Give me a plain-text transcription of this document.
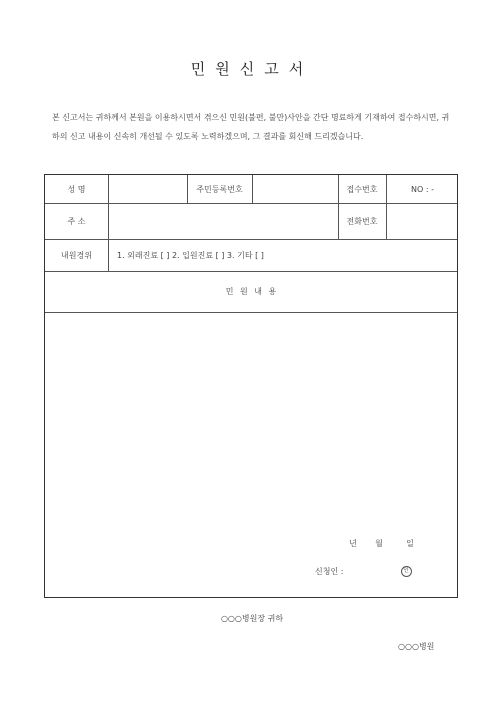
민원신고서
본 신고서는 귀하께서 본원을 이용하시면서 겪으신 민원(불편, 불만)사안을 간단 명료하게 기재하여 접수하시면, 귀하의 신고 내용이 신속히 개선될 수 있도록 노력하겠으며, 그 결과를 회신해 드리겠습니다.
성 명	주민등록번호	접수번호	NO : -
주 소	전화번호
내원경위	1. 외래진료 [ ] 2. 입원진료 [ ] 3. 기타 [ ]
민 원 내 용
년	월	일
신청인 :	인
○○○병원장 귀하
○○○병원
